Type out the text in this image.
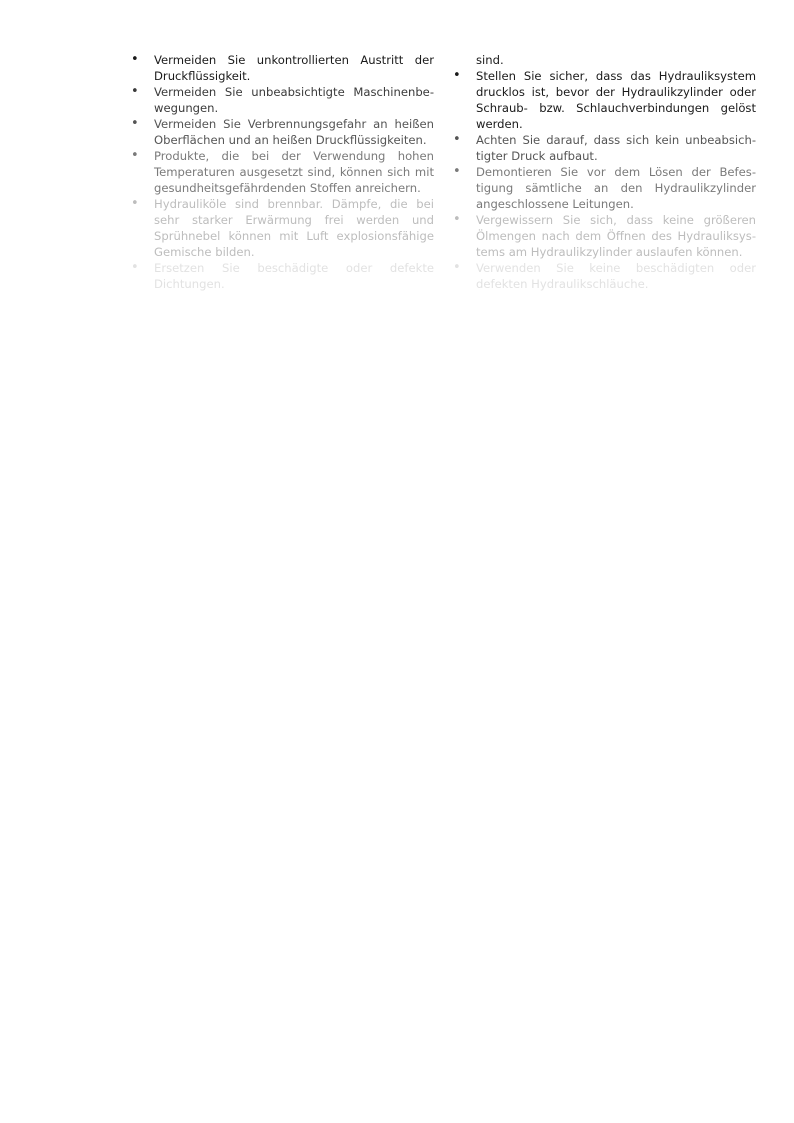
• Vermeiden Sie unkontrollierten Austritt der Druckflüssigkeit.
• Vermeiden Sie unbeabsichtigte Maschinenbewegungen.
• Vermeiden Sie Verbrennungsgefahr an heißen Oberflächen und an heißen Druckflüssigkeiten.
• Produkte, die bei der Verwendung hohen Temperaturen ausgesetzt sind, können sich mit gesundheitsgefährdenden Stoffen anreichern.
• Hydrauliköle sind brennbar. Dämpfe, die bei sehr starker Erwärmung frei werden und Sprühnebel können mit Luft explosionsfähige Gemische bilden.
• Ersetzen Sie beschädigte oder defekte Dichtungen.
sind.
• Stellen Sie sicher, dass das Hydrauliksystem drucklos ist, bevor der Hydraulikzylinder oder Schraub- bzw. Schlauchverbindungen gelöst werden.
• Achten Sie darauf, dass sich kein unbeabsichtigter Druck aufbaut.
• Demontieren Sie vor dem Lösen der Befestigung sämtliche an den Hydraulikzylinder angeschlossene Leitungen.
• Vergewissern Sie sich, dass keine größeren Ölmengen nach dem Öffnen des Hydrauliksystems am Hydraulikzylinder auslaufen können.
• Verwenden Sie keine beschädigten oder defekten Hydraulikschläuche.
